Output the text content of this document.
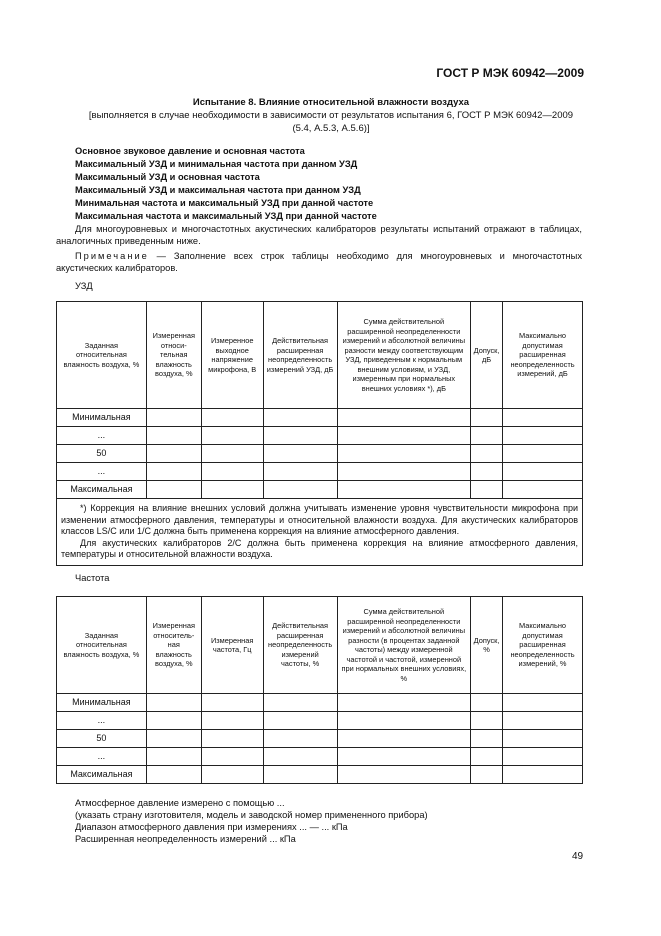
ГОСТ Р МЭК 60942—2009
Испытание 8. Влияние относительной влажности воздуха
[выполняется в случае необходимости в зависимости от результатов испытания 6, ГОСТ Р МЭК 60942—2009
(5.4, А.5.3, А.5.6)]
Основное звуковое давление и основная частота
Максимальный УЗД и минимальная частота при данном УЗД
Максимальный УЗД и основная частота
Максимальный УЗД и максимальная частота при данном УЗД
Минимальная частота и максимальный УЗД при данной частоте
Максимальная частота и максимальный УЗД при данной частоте
Для многоуровневых и многочастотных акустических калибраторов результаты испытаний отражают в таблицах, аналогичных приведенным ниже.
Примечание — Заполнение всех строк таблицы необходимо для многоуровневых и многочастотных акустических калибраторов.
УЗД
Заданная относительная влажность воздуха, %	Измеренная относи-тельная влажность воздуха, %	Измеренное выходное напряжение микрофона, В	Действительная расширенная неопределенность измерений УЗД, дБ	Сумма действительной расширенной неопределенности измерений и абсолютной величины разности между соответствующим УЗД, приведенным к нормальным внешним условиям, и УЗД, измеренным при нормальных внешних условиях *), дБ	Допуск, дБ	Максимально допустимая расширенная неопределенность измерений, дБ
Минимальная						
...						
50						
...						
Максимальная						

*) Коррекция на влияние внешних условий должна учитывать изменение уровня чувствительности микрофона при изменении атмосферного давления, температуры и относительной влажности воздуха. Для акустических калибраторов классов LS/C или 1/C должна быть применена коррекция на влияние атмосферного давления.

Для акустических калибраторов 2/C должна быть применена коррекция на влияние атмосферного давления, температуры и относительной влажности воздуха.						

Частота
Заданная относительная влажность воздуха, %	Измеренная относитель-ная влажность воздуха, %	Измеренная частота, Гц	Действительная расширенная неопределенность измерений частоты, %	Сумма действительной расширенной неопределенности измерений и абсолютной величины разности (в процентах заданной частоты) между измеренной частотой и частотой, измеренной при нормальных внешних условиях, %	Допуск, %	Максимально допустимая расширенная неопределенность измерений, %
Минимальная						
...						
50						
...						
Максимальная						
Атмосферное давление измерено с помощью ...
(указать страну изготовителя, модель и заводской номер примененного прибора)
Диапазон атмосферного давления при измерениях ... — ... кПа
Расширенная неопределенность измерений ... кПа
49
